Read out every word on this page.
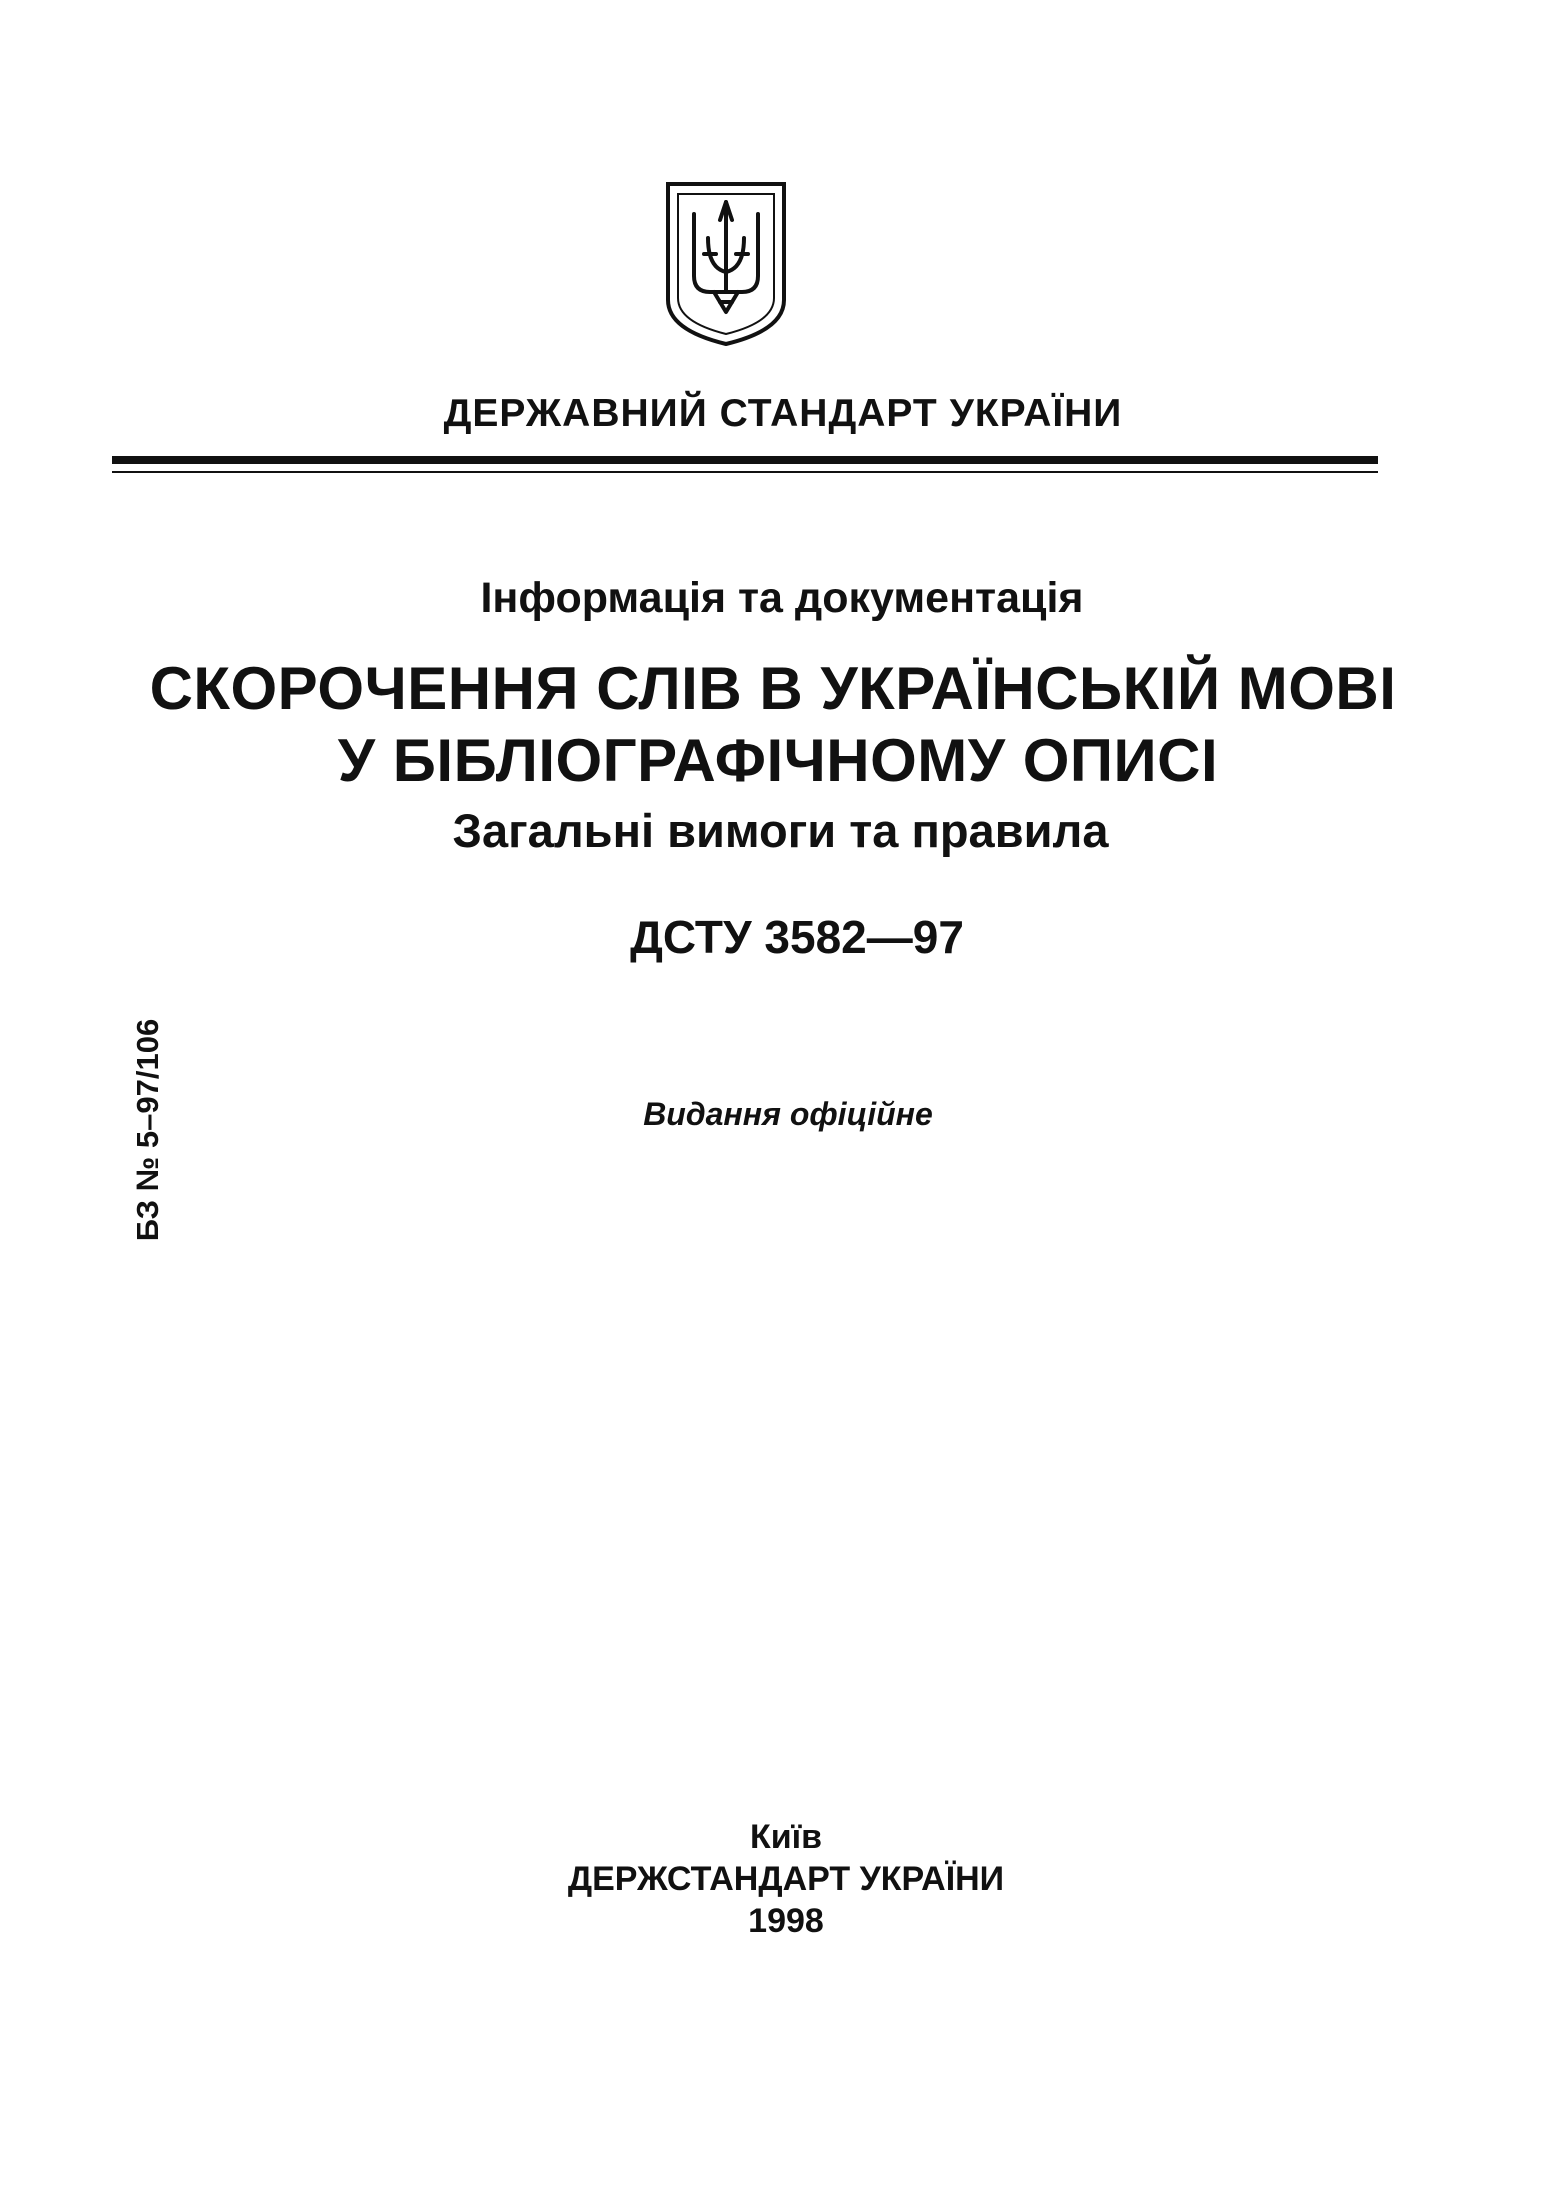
ДЕРЖАВНИЙ СТАНДАРТ УКРАЇНИ
Інформація та документація
СКОРОЧЕННЯ СЛІВ В УКРАЇНСЬКІЙ МОВІ
У БІБЛІОГРАФІЧНОМУ ОПИСІ
Загальні вимоги та правила
ДСТУ 3582—97
Видання офіційне
БЗ № 5–97/106
Київ
ДЕРЖСТАНДАРТ УКРАЇНИ
1998
